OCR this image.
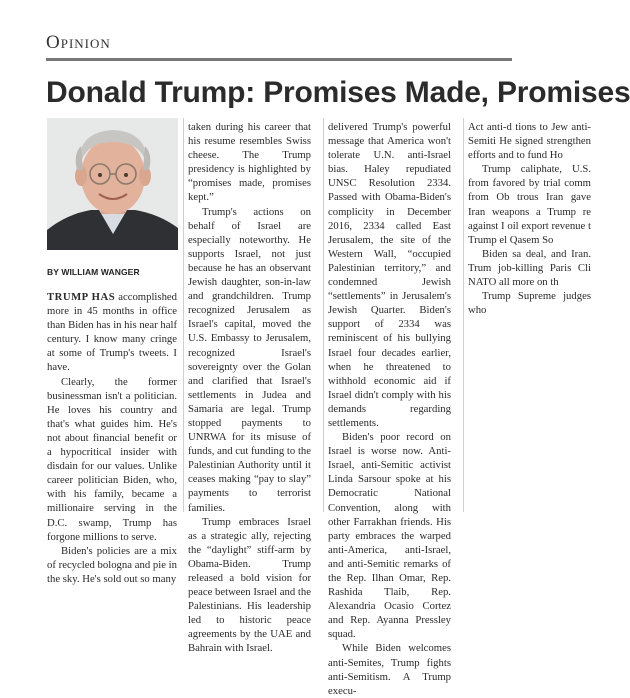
Opinion
Donald Trump: Promises Made, Promises
BY WILLIAM WANGER

TRUMP HAS accomplished more in 45 months in office than Biden has in his near half century. I know many cringe at some of Trump's tweets. I have.

Clearly, the former businessman isn't a politician. He loves his country and that's what guides him. He's not about financial benefit or a hypocritical insider with disdain for our values. Unlike career politician Biden, who, with his family, became a millionaire serving in the D.C. swamp, Trump has forgone millions to serve.

Biden's policies are a mix of recycled bologna and pie in the sky. He's sold out so many

taken during his career that his resume resembles Swiss cheese. The Trump presidency is highlighted by “promises made, promises kept.”

Trump's actions on behalf of Israel are especially noteworthy. He supports Israel, not just because he has an observant Jewish daughter, son-in-law and grandchildren. Trump recognized Jerusalem as Israel's capital, moved the U.S. Embassy to Jerusalem, recognized Israel's sovereignty over the Golan and clarified that Israel's settlements in Judea and Samaria are legal. Trump stopped payments to UNRWA for its misuse of funds, and cut funding to the Palestinian Authority until it ceases making “pay to slay” payments to terrorist families.

Trump embraces Israel as a strategic ally, rejecting the “daylight” stiff-arm by Obama-Biden. Trump released a bold vision for peace between Israel and the Palestinians. His leadership led to historic peace agreements by the UAE and Bahrain with Israel.

delivered Trump's powerful message that America won't tolerate U.N. anti-Israel bias. Haley repudiated UNSC Resolution 2334. Passed with Obama-Biden's complicity in December 2016, 2334 called East Jerusalem, the site of the Western Wall, “occupied Palestinian territory,” and condemned Jewish “settlements” in Jerusalem's Jewish Quarter. Biden's support of 2334 was reminiscent of his bullying Israel four decades earlier, when he threatened to withhold economic aid if Israel didn't comply with his demands regarding settlements.

Biden's poor record on Israel is worse now. Anti-Israel, anti-Semitic activist Linda Sarsour spoke at his Democratic National Convention, along with other Farrakhan friends. His party embraces the warped anti-America, anti-Israel, and anti-Semitic remarks of the Rep. Ilhan Omar, Rep. Rashida Tlaib, Rep. Alexandria Ocasio Cortez and Rep. Ayanna Pressley squad.

While Biden welcomes anti-Semites, Trump fights anti-Semitism. A Trump execu-

Act anti-d tions to Jew anti-Semiti He signed strengthen efforts and to fund Ho

Trump caliphate, U.S. from favored by trial comm from Ob trous Iran gave Iran weapons a Trump re against I oil export revenue t Trump el Qasem So

Biden sa deal, and Iran. Trum job-killing Paris Cli NATO all more on th

Trump Supreme judges who
